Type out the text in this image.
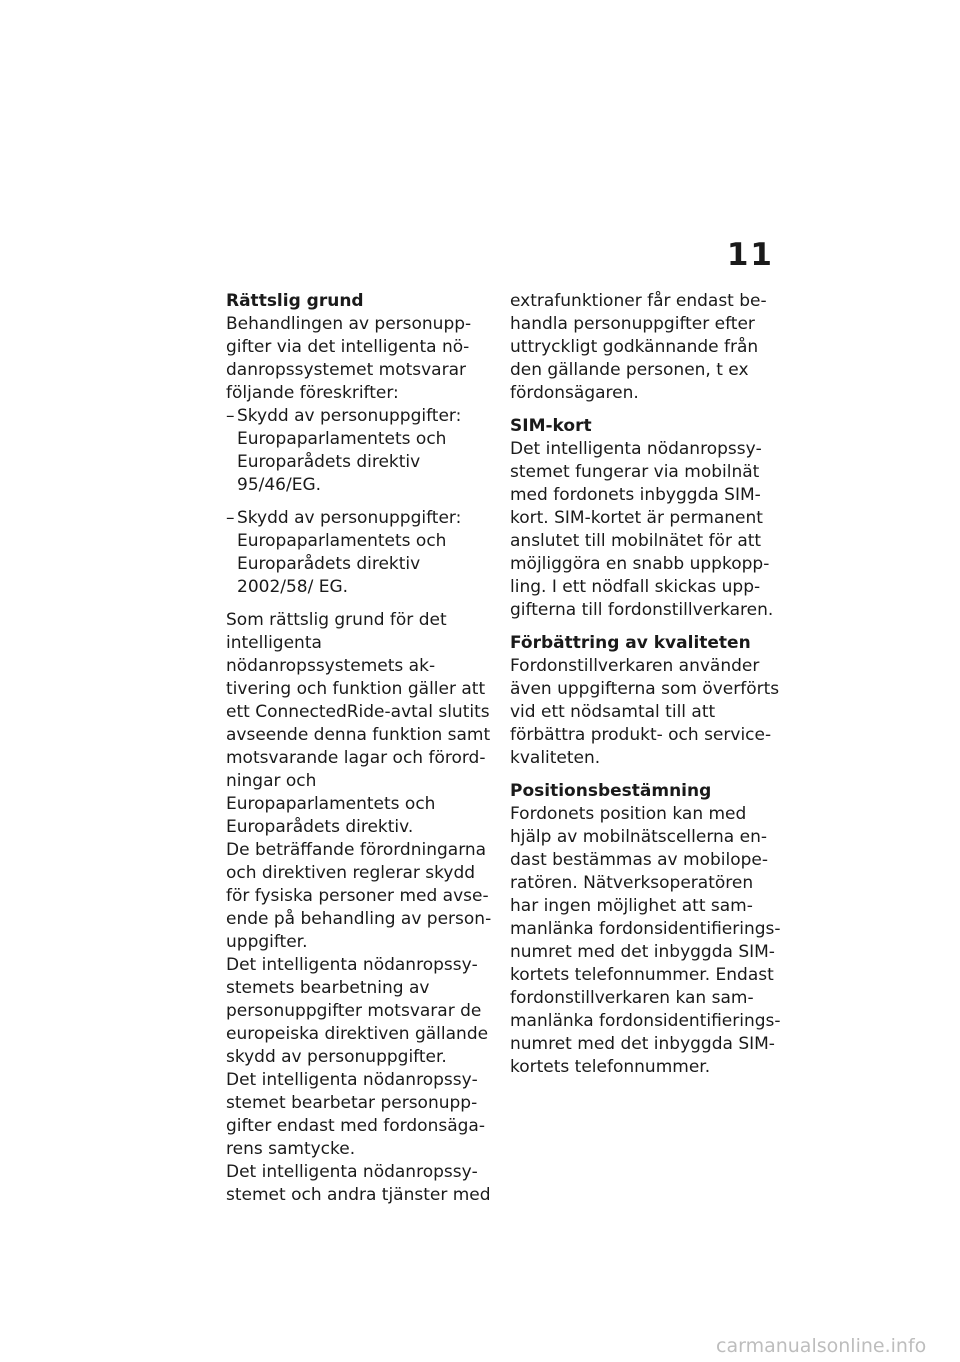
11

Rättslig grund

Behandlingen av personuppgifter via det intelligenta nödanropssystemet motsvarar följande föreskrifter:

– Skydd av personuppgifter: Europaparlamentets och Europarådets direktiv 95/46/EG.
– Skydd av personuppgifter: Europaparlamentets och Europarådets direktiv 2002/58/ EG.

Som rättslig grund för det intelligenta nödanropssystemets aktivering och funktion gäller att ett ConnectedRide-avtal slutits avseende denna funktion samt motsvarande lagar och förordningar och Europaparlamentets och Europarådets direktiv.

De beträffande förordningarna och direktiven reglerar skydd för fysiska personer med avseende på behandling av personuppgifter.

Det intelligenta nödanropssystemets bearbetning av personuppgifter motsvarar de europeiska direktiven gällande skydd av personuppgifter.

Det intelligenta nödanropssystemet bearbetar personuppgifter endast med fordonsägarens samtycke.

Det intelligenta nödanropssystemet och andra tjänster med

extrafunktioner får endast behandla personuppgifter efter uttryckligt godkännande från den gällande personen, t ex fördonsägaren.

SIM-kort

Det intelligenta nödanropssystemet fungerar via mobilnät med fordonets inbyggda SIM-kort. SIM-kortet är permanent anslutet till mobilnätet för att möjliggöra en snabb uppkoppling. I ett nödfall skickas uppgifterna till fordonstillverkaren.

Förbättring av kvaliteten

Fordonstillverkaren använder även uppgifterna som överförts vid ett nödsamtal till att förbättra produkt- och servicekvaliteten.

Positionsbestämning

Fordonets position kan med hjälp av mobilnätscellerna endast bestämmas av mobiloperatören. Nätverksoperatören har ingen möjlighet att sammanlänka fordonsidentifieringsnumret med det inbyggda SIM-kortets telefonnummer. Endast fordonstillverkaren kan sammanlänka fordonsidentifieringsnumret med det inbyggda SIM-kortets telefonnummer.

carmanualsonline.info
